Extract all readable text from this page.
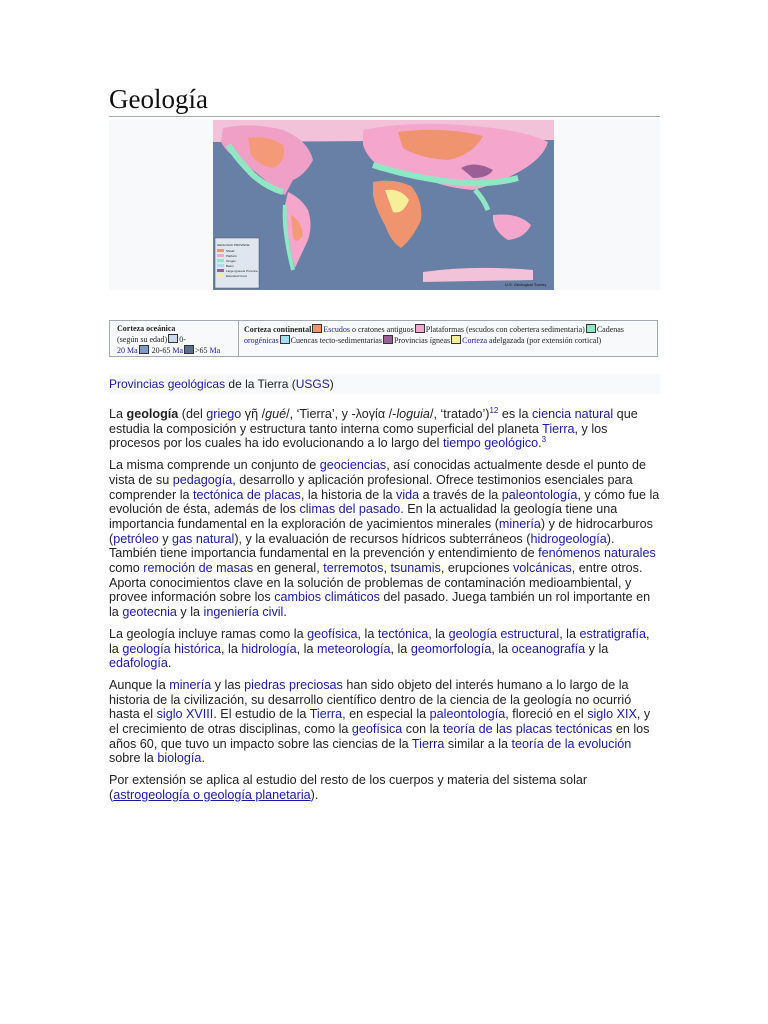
Geología
GEOLOGIC PROVINCE
Shield
Platform
Orogen
Basin
Large Igneous Province
Extended Crust
U.S. Geological Survey
Corteza oceánica
(según su edad) 0-
20 Ma 20-65 Ma >65 Ma
Corteza continental Escudos o cratones antiguos Plataformas (escudos con cobertera sedimentaria) Cadenas orogénicas Cuencas tecto-sedimentarias Provincias ígneas Corteza adelgazada (por extensión cortical)
Provincias geológicas de la Tierra (USGS)

La geología (del griego γῆ /gué/, ‘Tierra’, y -λογία /-loguia/, ‘tratado’)$^{12}$ es la ciencia natural que estudia la composición y estructura tanto interna como superficial del planeta Tierra, y los procesos por los cuales ha ido evolucionando a lo largo del tiempo geológico.$^3$

La misma comprende un conjunto de geociencias, así conocidas actualmente desde el punto de vista de su pedagogía, desarrollo y aplicación profesional. Ofrece testimonios esenciales para comprender la tectónica de placas, la historia de la vida a través de la paleontología, y cómo fue la evolución de ésta, además de los climas del pasado. En la actualidad la geología tiene una importancia fundamental en la exploración de yacimientos minerales (minería) y de hidrocarburos (petróleo y gas natural), y la evaluación de recursos hídricos subterráneos (hidrogeología). También tiene importancia fundamental en la prevención y entendimiento de fenómenos naturales como remoción de masas en general, terremotos, tsunamis, erupciones volcánicas, entre otros. Aporta conocimientos clave en la solución de problemas de contaminación medioambiental, y provee información sobre los cambios climáticos del pasado. Juega también un rol importante en la geotecnia y la ingeniería civil.

La geología incluye ramas como la geofísica, la tectónica, la geología estructural, la estratigrafía, la geología histórica, la hidrología, la meteorología, la geomorfología, la oceanografía y la edafología.

Aunque la minería y las piedras preciosas han sido objeto del interés humano a lo largo de la historia de la civilización, su desarrollo científico dentro de la ciencia de la geología no ocurrió hasta el siglo XVIII. El estudio de la Tierra, en especial la paleontología, floreció en el siglo XIX, y el crecimiento de otras disciplinas, como la geofísica con la teoría de las placas tectónicas en los años 60, que tuvo un impacto sobre las ciencias de la Tierra similar a la teoría de la evolución sobre la biología.

Por extensión se aplica al estudio del resto de los cuerpos y materia del sistema solar (astrogeología o geología planetaria).
